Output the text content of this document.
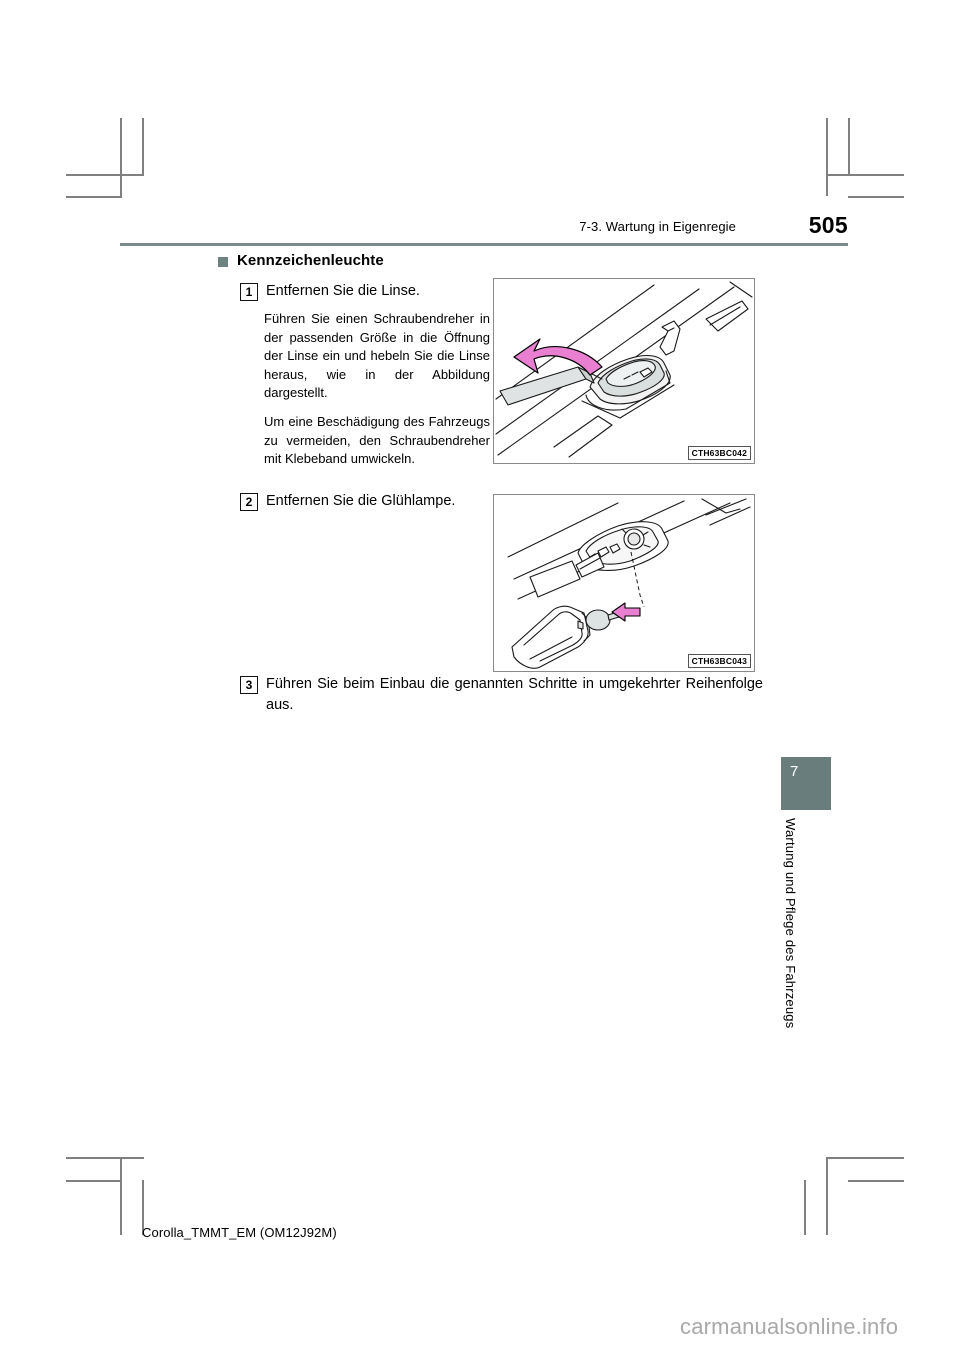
7-3. Wartung in Eigenregie	505
Kennzeichenleuchte
1 Entfernen Sie die Linse.
Führen Sie einen Schraubendreher in der passenden Größe in die Öffnung der Linse ein und hebeln Sie die Linse heraus, wie in der Abbildung dargestellt.
Um eine Beschädigung des Fahrzeugs zu vermeiden, den Schraubendreher mit Klebeband umwickeln.
2 Entfernen Sie die Glühlampe.
3 Führen Sie beim Einbau die genannten Schritte in umgekehrter Reihenfolge aus.
CTH63BC042
CTH63BC043
7
Wartung und Pflege des Fahrzeugs
Corolla_TMMT_EM (OM12J92M)
carmanualsonline.info
